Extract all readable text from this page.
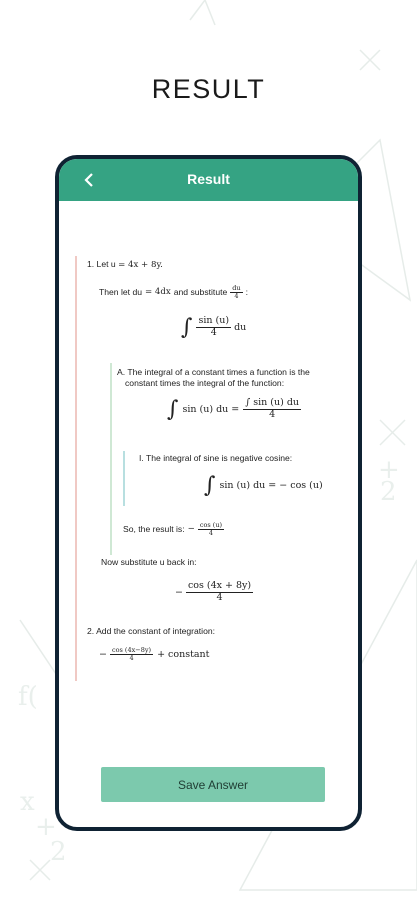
f(
+
2
x
+
2
RESULT
Result
1. Let u = 4x + 8y.
Then let du = 4dx and substitute $\frac{du}{4}$ :
∫ $\frac{\sin (u)}{4}$ du
A. The integral of a constant times a function is the
constant times the integral of the function:
∫ sin (u) du = $\frac{\int \sin (u) du}{4}$
I. The integral of sine is negative cosine:
∫ sin (u) du = − cos (u)
So, the result is: − $\frac{\cos (u)}{4}$
Now substitute u back in:
− $\frac{\cos (4x + 8y)}{4}$
2. Add the constant of integration:
− $\frac{\cos (4x-8y)}{4}$ + constant
Save Answer
